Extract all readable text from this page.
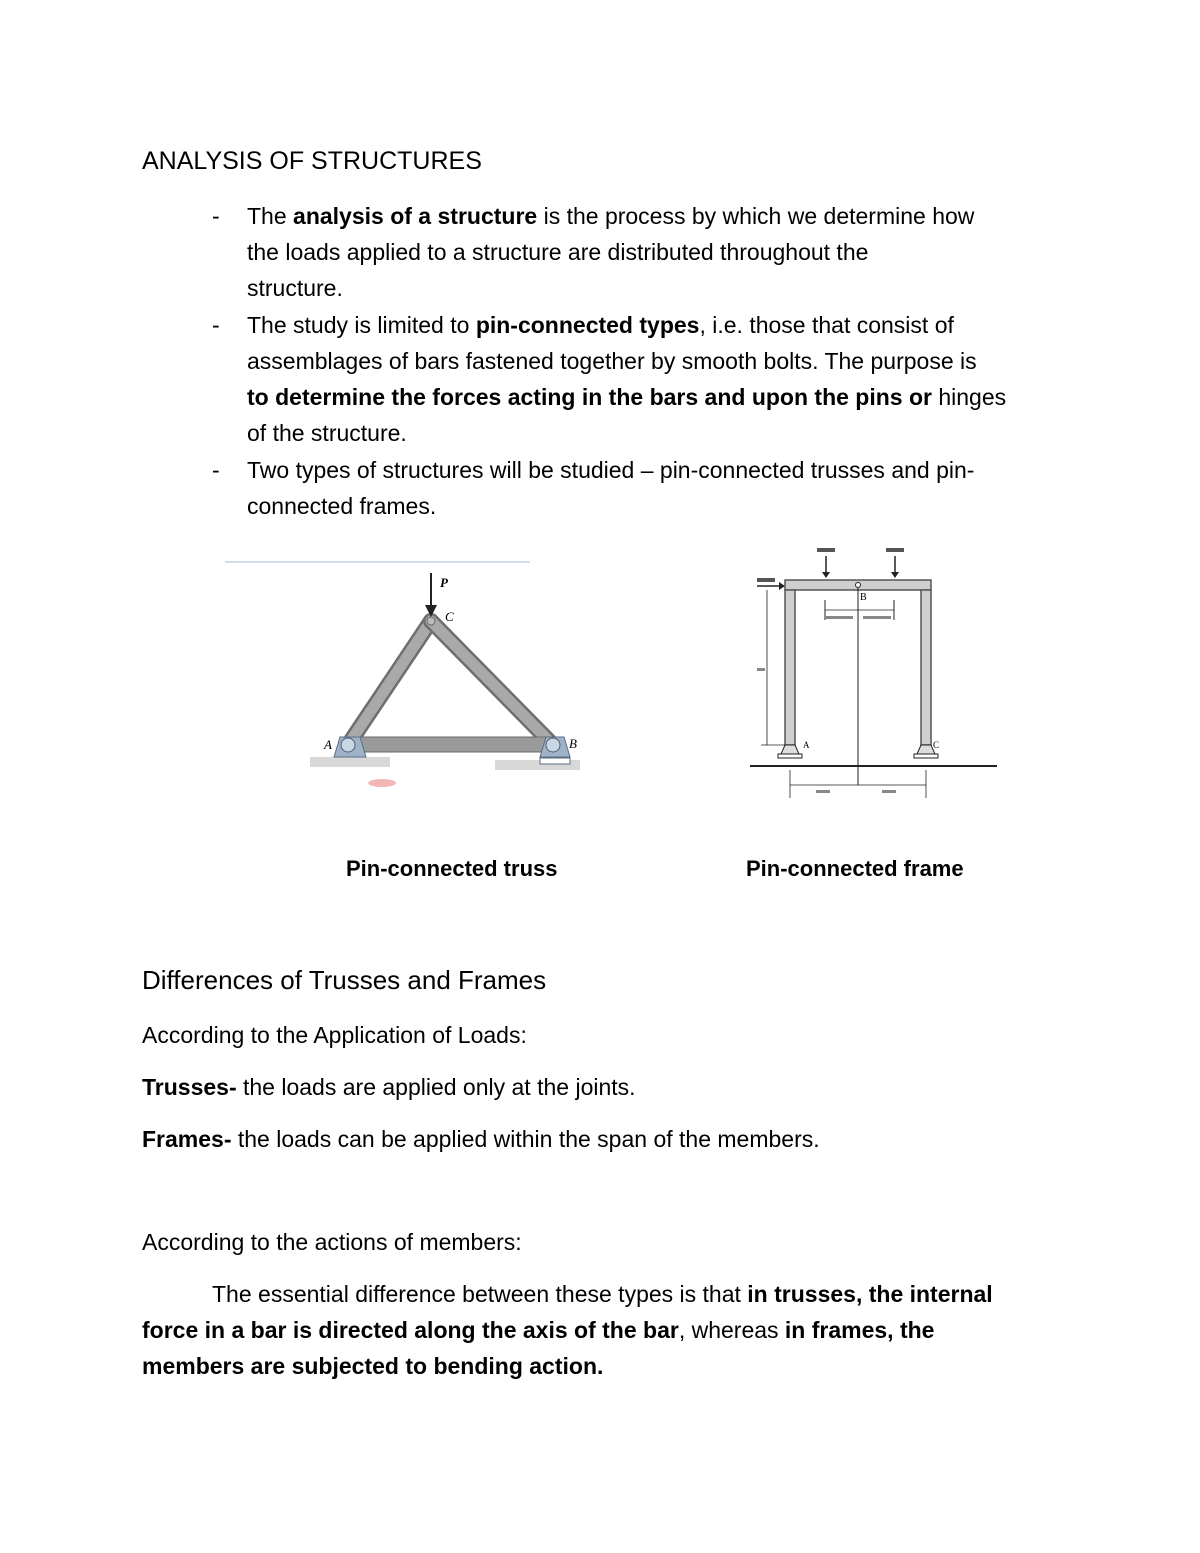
ANALYSIS OF STRUCTURES
- The analysis of a structure is the process by which we determine how
the loads applied to a structure are distributed throughout the
structure.
- The study is limited to pin-connected types, i.e. those that consist of
assemblages of bars fastened together by smooth bolts. The purpose is
to determine the forces acting in the bars and upon the pins or hinges
of the structure.
- Two types of structures will be studied – pin-connected trusses and pin-
connected frames.
P
C
A	B
B
A	C
Pin-connected truss	Pin-connected frame
Differences of Trusses and Frames
According to the Application of Loads:
Trusses- the loads are applied only at the joints.
Frames- the loads can be applied within the span of the members.
According to the actions of members:
The essential difference between these types is that in trusses, the internal
force in a bar is directed along the axis of the bar, whereas in frames, the
members are subjected to bending action.
